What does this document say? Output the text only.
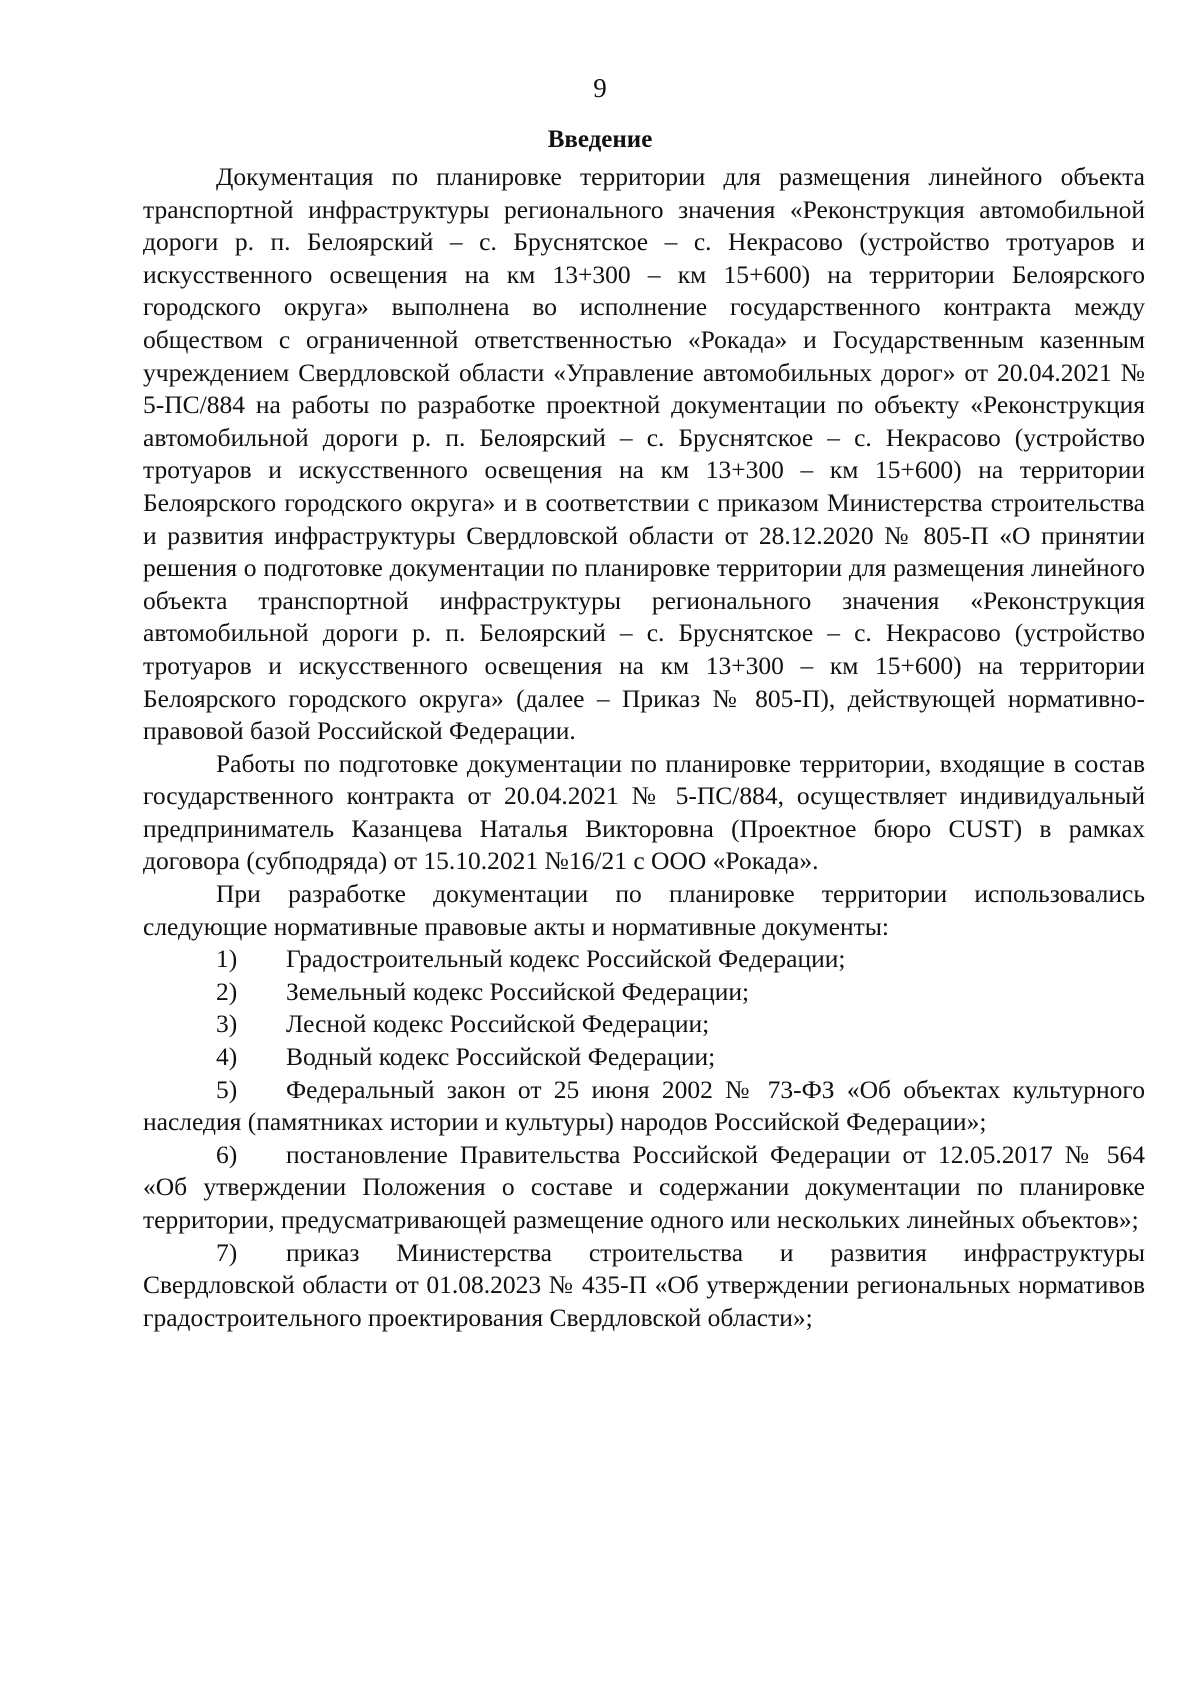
9
Введение

Документация по планировке территории для размещения линейного объекта транспортной инфраструктуры регионального значения «Реконструкция автомобильной дороги р. п. Белоярский – с. Бруснятское – с. Некрасово (устройство тротуаров и искусственного освещения на км 13+300 – км 15+600) на территории Белоярского городского округа» выполнена во исполнение государственного контракта между обществом с ограниченной ответственностью «Рокада» и Государственным казенным учреждением Свердловской области «Управление автомобильных дорог» от 20.04.2021 № 5-ПС/884 на работы по разработке проектной документации по объекту «Реконструкция автомобильной дороги р. п. Белоярский – с. Бруснятское – с. Некрасово (устройство тротуаров и искусственного освещения на км 13+300 – км 15+600) на территории Белоярского городского округа» и в соответствии с приказом Министерства строительства и развития инфраструктуры Свердловской области от 28.12.2020 № 805-П «О принятии решения о подготовке документации по планировке территории для размещения линейного объекта транспортной инфраструктуры регионального значения «Реконструкция автомобильной дороги р. п. Белоярский – с. Бруснятское – с. Некрасово (устройство тротуаров и искусственного освещения на км 13+300 – км 15+600) на территории Белоярского городского округа» (далее – Приказ № 805-П), действующей нормативно-правовой базой Российской Федерации.

Работы по подготовке документации по планировке территории, входящие в состав государственного контракта от 20.04.2021 № 5-ПС/884, осуществляет индивидуальный предприниматель Казанцева Наталья Викторовна (Проектное бюро CUST) в рамках договора (субподряда) от 15.10.2021 №16/21 с ООО «Рокада».

При разработке документации по планировке территории использовались следующие нормативные правовые акты и нормативные документы:

1) Градостроительный кодекс Российской Федерации;
2) Земельный кодекс Российской Федерации;
3) Лесной кодекс Российской Федерации;
4) Водный кодекс Российской Федерации;
5) Федеральный закон от 25 июня 2002 № 73-ФЗ «Об объектах культурного наследия (памятниках истории и культуры) народов Российской Федерации»;
6) постановление Правительства Российской Федерации от 12.05.2017 № 564 «Об утверждении Положения о составе и содержании документации по планировке территории, предусматривающей размещение одного или нескольких линейных объектов»;
7) приказ Министерства строительства и развития инфраструктуры Свердловской области от 01.08.2023 № 435-П «Об утверждении региональных нормативов градостроительного проектирования Свердловской области»;
